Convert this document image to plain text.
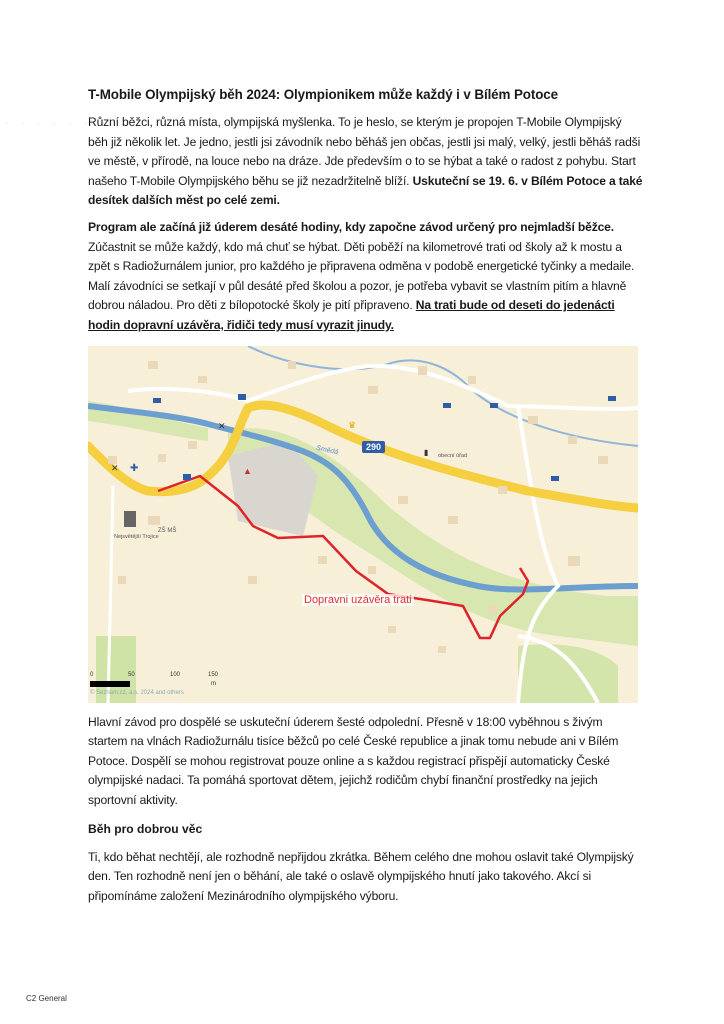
- - - - - -
T-Mobile Olympijský běh 2024: Olympionikem může každý i v Bílém Potoce

Různí běžci, různá místa, olympijská myšlenka. To je heslo, se kterým je propojen T-Mobile Olympijský běh již několik let. Je jedno, jestli jsi závodník nebo běháš jen občas, jestli jsi malý, velký, jestli běháš radši ve městě, v přírodě, na louce nebo na dráze. Jde především o to se hýbat a také o radost z pohybu. Start našeho T-Mobile Olympijského běhu se již nezadržitelně blíží. Uskuteční se 19. 6. v Bílém Potoce a také desítek dalších měst po celé zemi.

Program ale začíná již úderem desáté hodiny, kdy započne závod určený pro nejmladší běžce. Zúčastnit se může každý, kdo má chuť se hýbat. Děti poběží na kilometrové trati od školy až k mostu a zpět s Radiožurnálem junior, pro každého je připravena odměna v podobě energetické tyčinky a medaile. Malí závodníci se setkají v půl desáté před školou a pozor, je potřeba vybavit se vlastním pitím a hlavně dobrou náladou. Pro děti z bílopotocké školy je pití připraveno. Na trati bude od deseti do jedenácti hodin dopravní uzávěra, řidiči tedy musí vyrazit jinudy.

✕
✕
✚	▲
♛
▮
ZŠ MŠ
Nejsvětější Trojice
obecní úřad
290
Smědá
Dopravni uzávěra trati
0	50	100	150
m
© Seznam.cz, a.s. 2024 and others

Hlavní závod pro dospělé se uskuteční úderem šesté odpolední. Přesně v 18:00 vyběhnou s živým startem na vlnách Radiožurnálu tisíce běžců po celé České republice a jinak tomu nebude ani v Bílém Potoce. Dospělí se mohou registrovat pouze online a s každou registrací přispějí automaticky České olympijské nadaci. Ta pomáhá sportovat dětem, jejichž rodičům chybí finanční prostředky na jejich sportovní aktivity.

Běh pro dobrou věc

Ti, kdo běhat nechtějí, ale rozhodně nepřijdou zkrátka. Během celého dne mohou oslavit také Olympijský den. Ten rozhodně není jen o běhání, ale také o oslavě olympijského hnutí jako takového. Akcí si připomínáme založení Mezinárodního olympijského výboru.

C2 General
